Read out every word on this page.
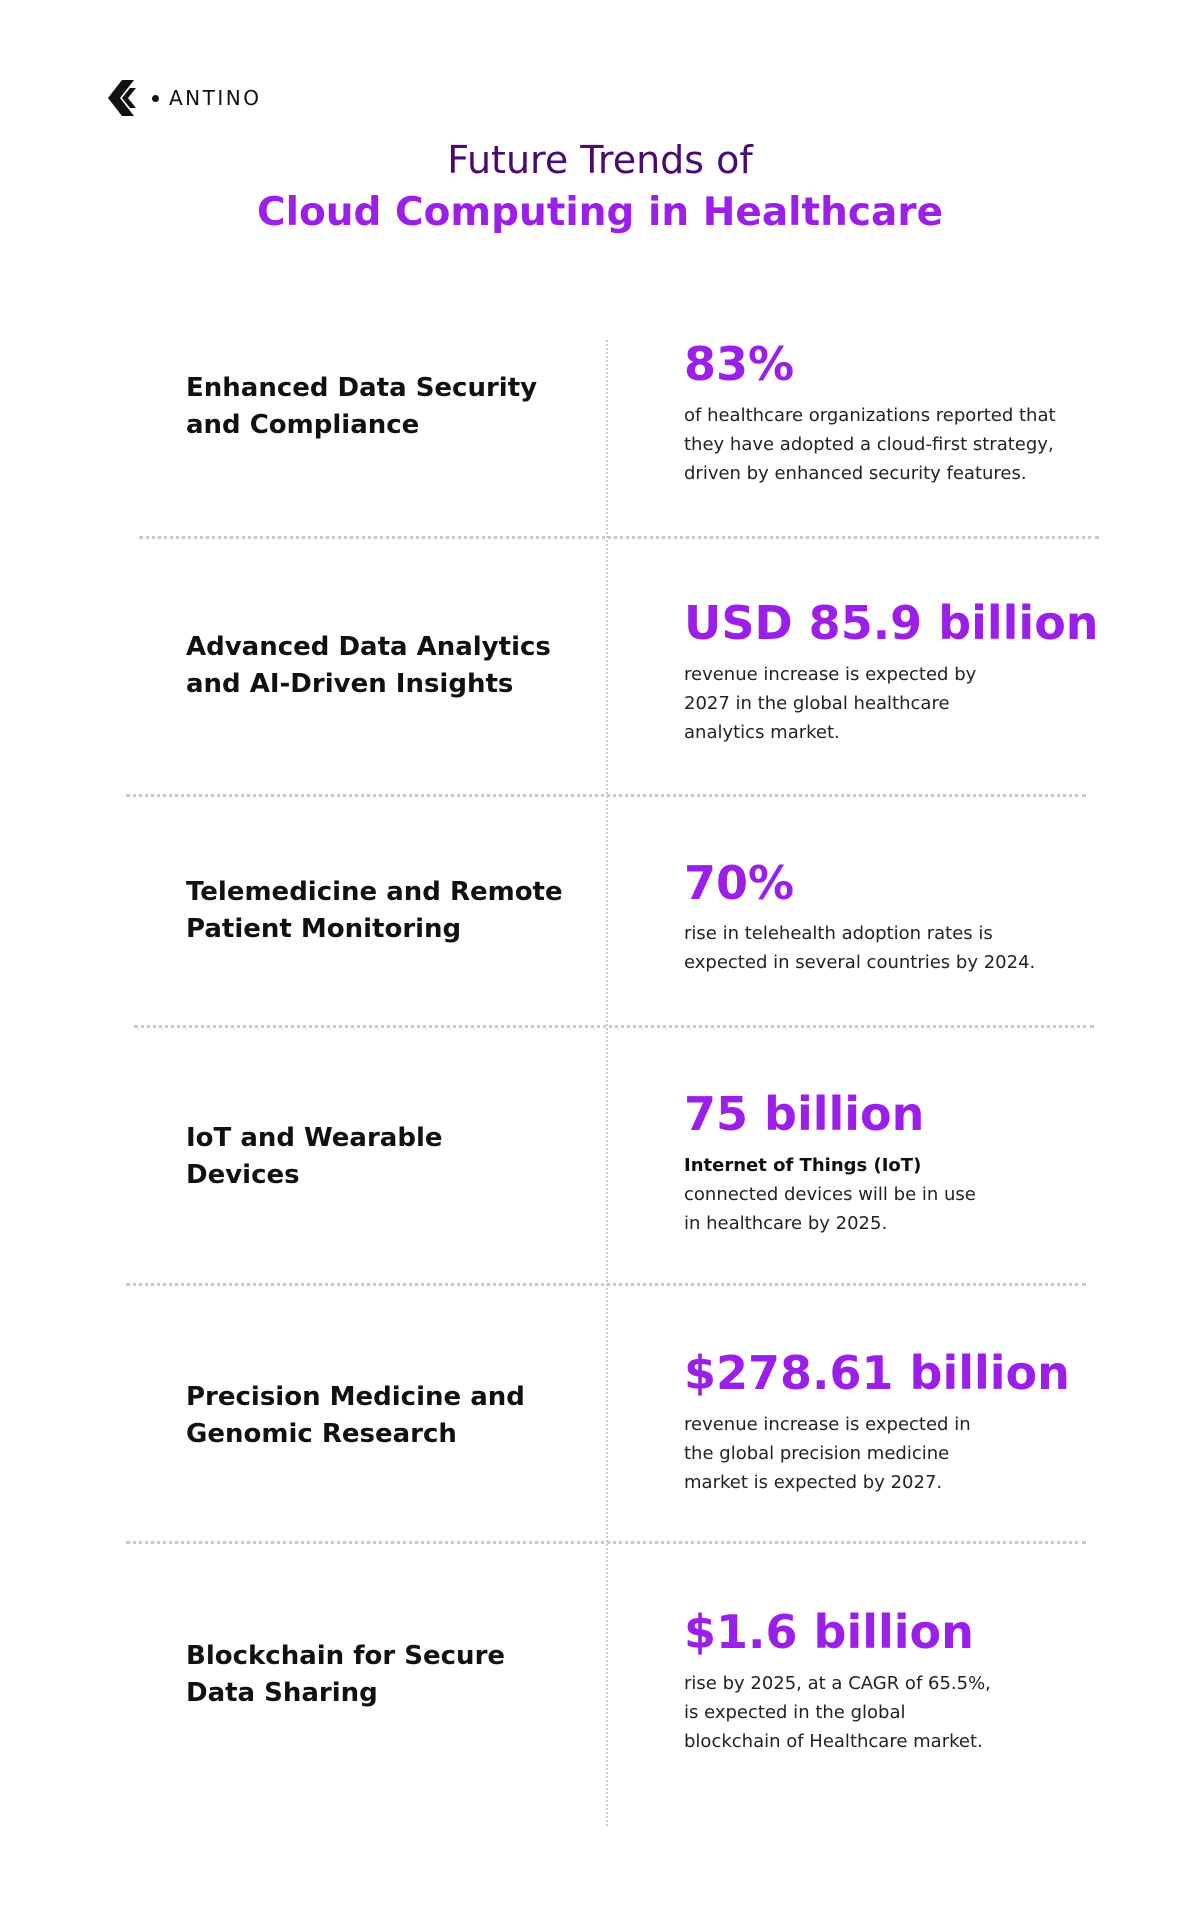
ANTINO
Future Trends of
Cloud Computing in Healthcare
Enhanced Data Security
and Compliance
83%
of healthcare organizations reported that
they have adopted a cloud-first strategy,
driven by enhanced security features.
Advanced Data Analytics
and AI-Driven Insights
USD 85.9 billion
revenue increase is expected by
2027 in the global healthcare
analytics market.
Telemedicine and Remote
Patient Monitoring
70%
rise in telehealth adoption rates is
expected in several countries by 2024.
IoT and Wearable
Devices
75 billion
Internet of Things (IoT)
connected devices will be in use
in healthcare by 2025.
Precision Medicine and
Genomic Research
$278.61 billion
revenue increase is expected in
the global precision medicine
market is expected by 2027.
Blockchain for Secure
Data Sharing
$1.6 billion
rise by 2025, at a CAGR of 65.5%,
is expected in the global
blockchain of Healthcare market.
